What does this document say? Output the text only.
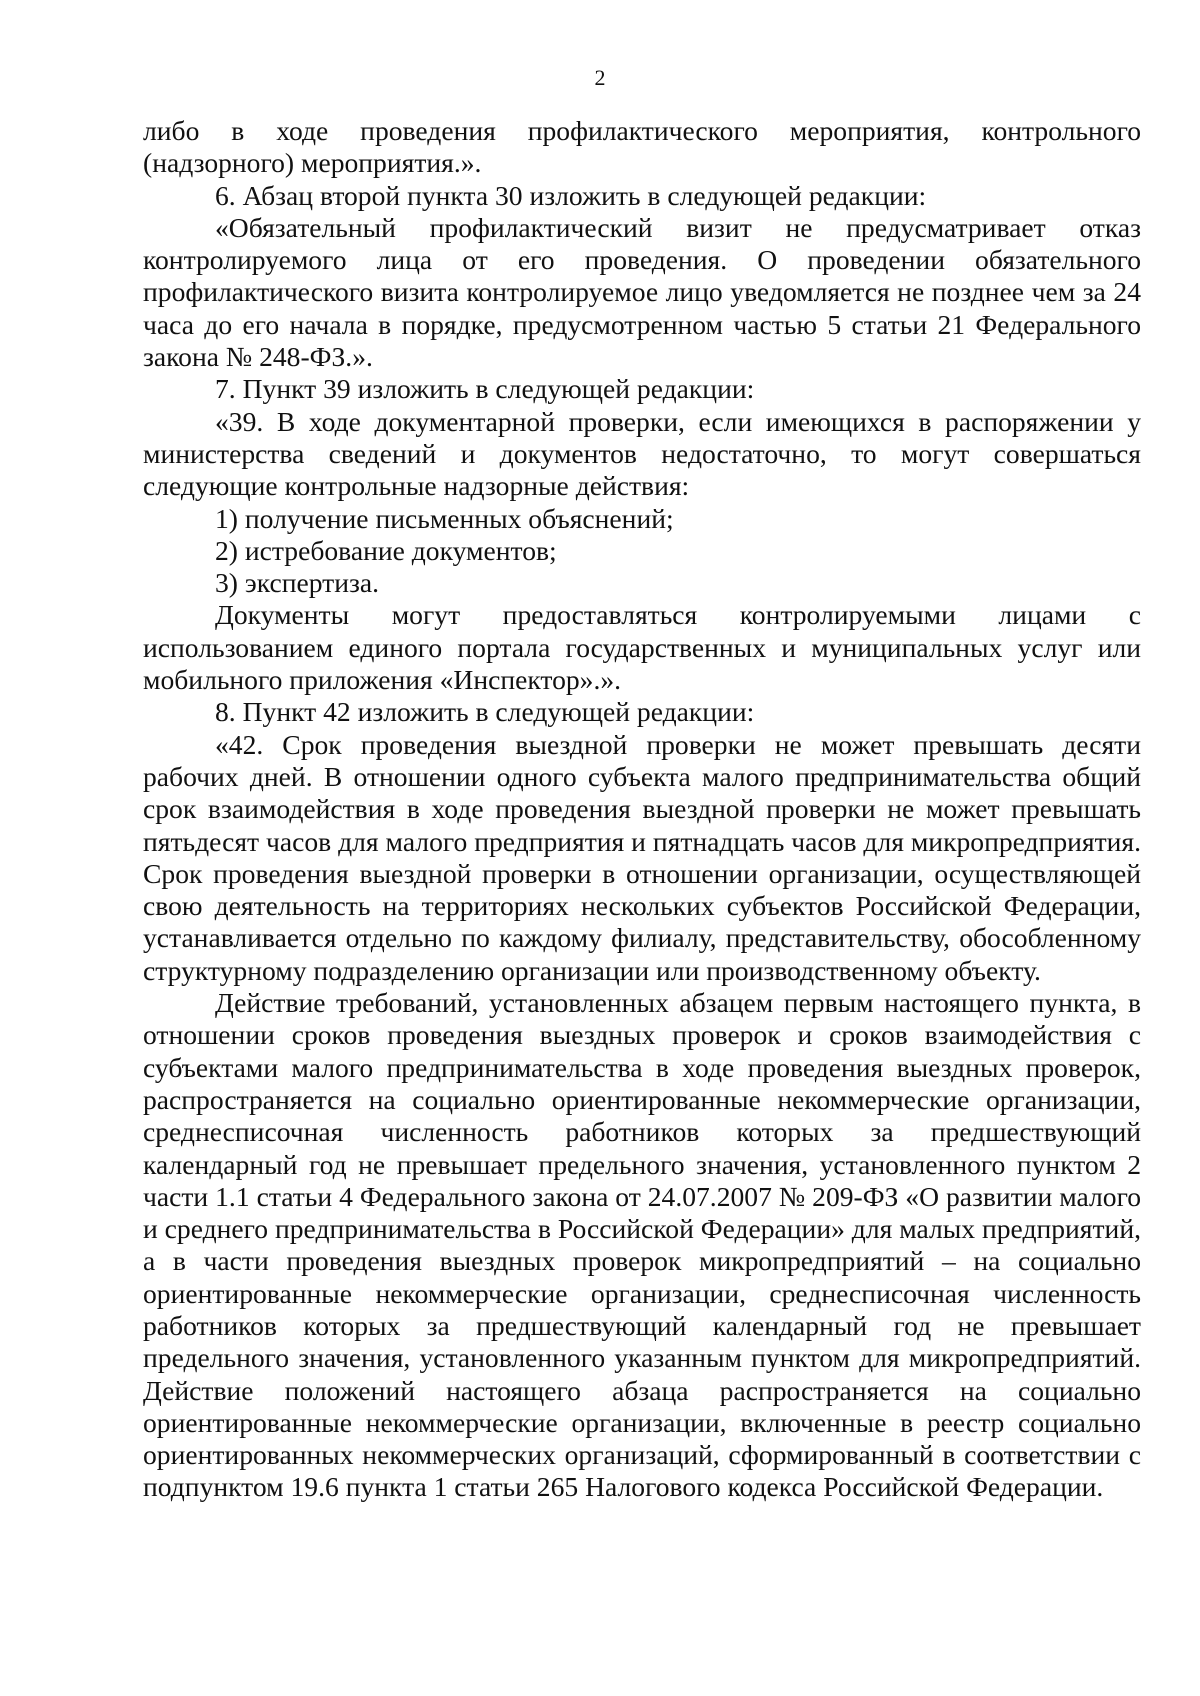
2

либо в ходе проведения профилактического мероприятия, контрольного (надзорного) мероприятия.».

6. Абзац второй пункта 30 изложить в следующей редакции:

«Обязательный профилактический визит не предусматривает отказ контролируемого лица от его проведения. О проведении обязательного профилактического визита контролируемое лицо уведомляется не позднее чем за 24 часа до его начала в порядке, предусмотренном частью 5 статьи 21 Федерального закона № 248-ФЗ.».

7. Пункт 39 изложить в следующей редакции:

«39. В ходе документарной проверки, если имеющихся в распоряжении у министерства сведений и документов недостаточно, то могут совершаться следующие контрольные надзорные действия:

1) получение письменных объяснений;

2) истребование документов;

3) экспертиза.

Документы могут предоставляться контролируемыми лицами с использованием единого портала государственных и муниципальных услуг или мобильного приложения «Инспектор».».

8. Пункт 42 изложить в следующей редакции:

«42. Срок проведения выездной проверки не может превышать десяти рабочих дней. В отношении одного субъекта малого предпринимательства общий срок взаимодействия в ходе проведения выездной проверки не может превышать пятьдесят часов для малого предприятия и пятнадцать часов для микропредприятия. Срок проведения выездной проверки в отношении организации, осуществляющей свою деятельность на территориях нескольких субъектов Российской Федерации, устанавливается отдельно по каждому филиалу, представительству, обособленному структурному подразделению организации или производственному объекту.

Действие требований, установленных абзацем первым настоящего пункта, в отношении сроков проведения выездных проверок и сроков взаимодействия с субъектами малого предпринимательства в ходе проведения выездных проверок, распространяется на социально ориентированные некоммерческие организации, среднесписочная численность работников которых за предшествующий календарный год не превышает предельного значения, установленного пунктом 2 части 1.1 статьи 4 Федерального закона от 24.07.2007 № 209-ФЗ «О развитии малого и среднего предпринимательства в Российской Федерации» для малых предприятий, а в части проведения выездных проверок микропредприятий – на социально ориентированные некоммерческие организации, среднесписочная численность работников которых за предшествующий календарный год не превышает предельного значения, установленного указанным пунктом для микропредприятий. Действие положений настоящего абзаца распространяется на социально ориентированные некоммерческие организации, включенные в реестр социально ориентированных некоммерческих организаций, сформированный в соответствии с подпунктом 19.6 пункта 1 статьи 265 Налогового кодекса Российской Федерации.
